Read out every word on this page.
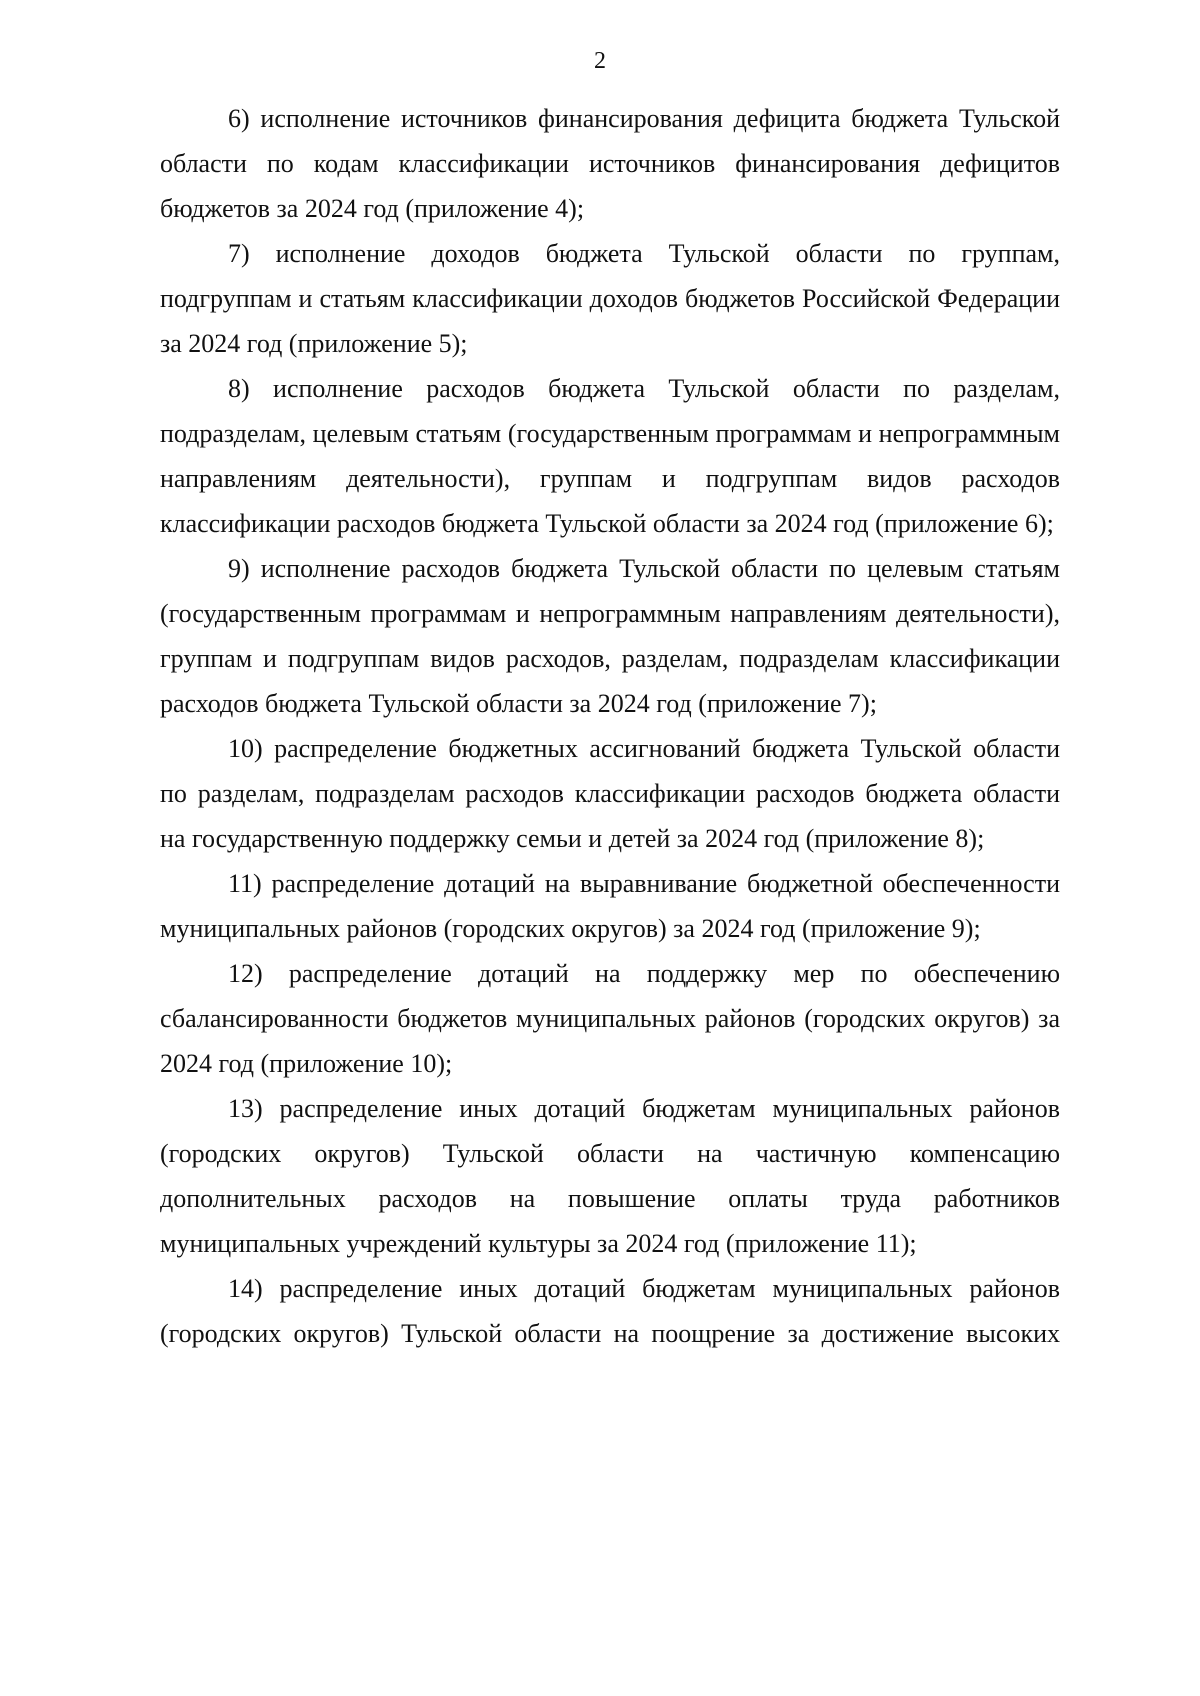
2

6) исполнение источников финансирования дефицита бюджета Тульской области по кодам классификации источников финансирования дефицитов бюджетов за 2024 год (приложение 4);

7) исполнение доходов бюджета Тульской области по группам, подгруппам и статьям классификации доходов бюджетов Российской Федерации за 2024 год (приложение 5);

8) исполнение расходов бюджета Тульской области по разделам, подразделам, целевым статьям (государственным программам и непрограммным направлениям деятельности), группам и подгруппам видов расходов классификации расходов бюджета Тульской области за 2024 год (приложение 6);

9) исполнение расходов бюджета Тульской области по целевым статьям (государственным программам и непрограммным направлениям деятельности), группам и подгруппам видов расходов, разделам, подразделам классификации расходов бюджета Тульской области за 2024 год (приложение 7);

10) распределение бюджетных ассигнований бюджета Тульской области по разделам, подразделам расходов классификации расходов бюджета области на государственную поддержку семьи и детей за 2024 год (приложение 8);

11) распределение дотаций на выравнивание бюджетной обеспеченности муниципальных районов (городских округов) за 2024 год (приложение 9);

12) распределение дотаций на поддержку мер по обеспечению сбалансированности бюджетов муниципальных районов (городских округов) за 2024 год (приложение 10);

13) распределение иных дотаций бюджетам муниципальных районов (городских округов) Тульской области на частичную компенсацию дополнительных расходов на повышение оплаты труда работников муниципальных учреждений культуры за 2024 год (приложение 11);

14) распределение иных дотаций бюджетам муниципальных районов (городских округов) Тульской области на поощрение за достижение высоких
